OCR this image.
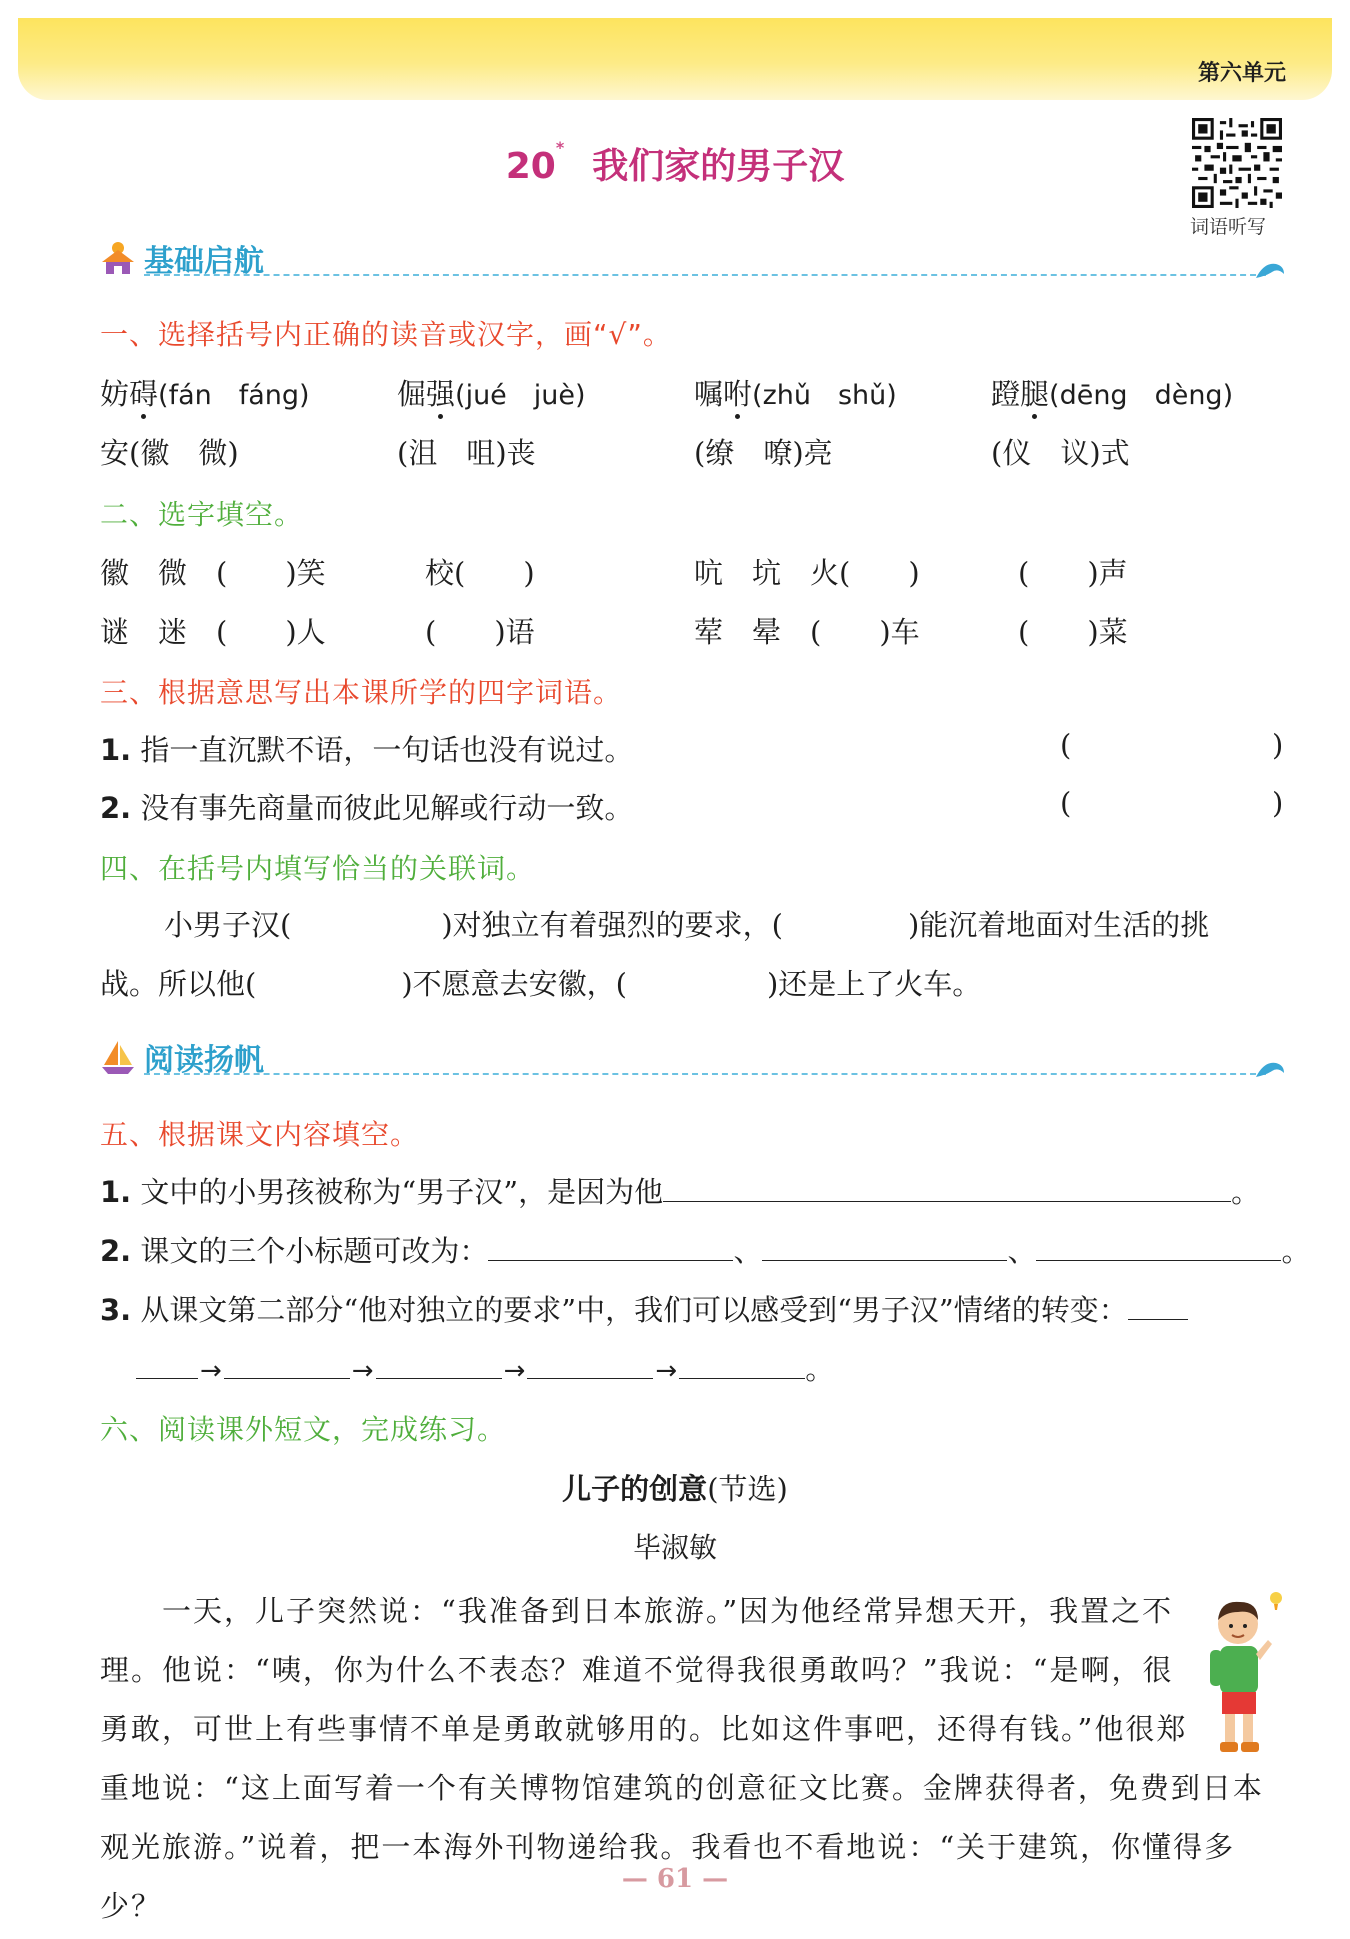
第六单元
20* 我们家的男子汉
词语听写
基础启航
一、选择括号内正确的读音或汉字，画“√”。
妨碍(fán　fáng)	倔强(jué　juè)	嘱咐(zhǔ　shǔ)	蹬腿(dēng　dèng)
安(徽　微)	(沮　咀)丧	(缭　嘹)亮	(仪　议)式
二、选字填空。
徽　微　(　　)笑	校(　　)	吭　坑　火(　　)	(　　)声
谜　迷　(　　)人	(　　)语	荤　晕　(　　)车	(　　)菜
三、根据意思写出本课所学的四字词语。
1. 指一直沉默不语，一句话也没有说过。	(	)
2. 没有事先商量而彼此见解或行动一致。	(	)
四、在括号内填写恰当的关联词。
小男子汉(	)对独立有着强烈的要求，(	)能沉着地面对生活的挑
战。所以他(	)不愿意去安徽，(	)还是上了火车。
阅读扬帆
五、根据课文内容填空。
1. 文中的小男孩被称为“男子汉”，是因为他	。
2. 课文的三个小标题可改为：	、	、	。
3. 从课文第二部分“他对独立的要求”中，我们可以感受到“男子汉”情绪的转变：
→	→	→	→	。
六、阅读课外短文，完成练习。
儿子的创意(节选)
毕淑敏

一天，儿子突然说：“我准备到日本旅游。”因为他经常异想天开，我置之不理。他说：“咦，你为什么不表态？难道不觉得我很勇敢吗？”我说：“是啊，很勇敢，可世上有些事情不单是勇敢就够用的。比如这件事吧，还得有钱。”他很郑重地说：“这上面写着一个有关博物馆建筑的创意征文比赛。金牌获得者，免费到日本观光旅游。”说着，把一本海外刊物递给我。我看也不看地说：“关于建筑，你懂得多少？

— 61 —
